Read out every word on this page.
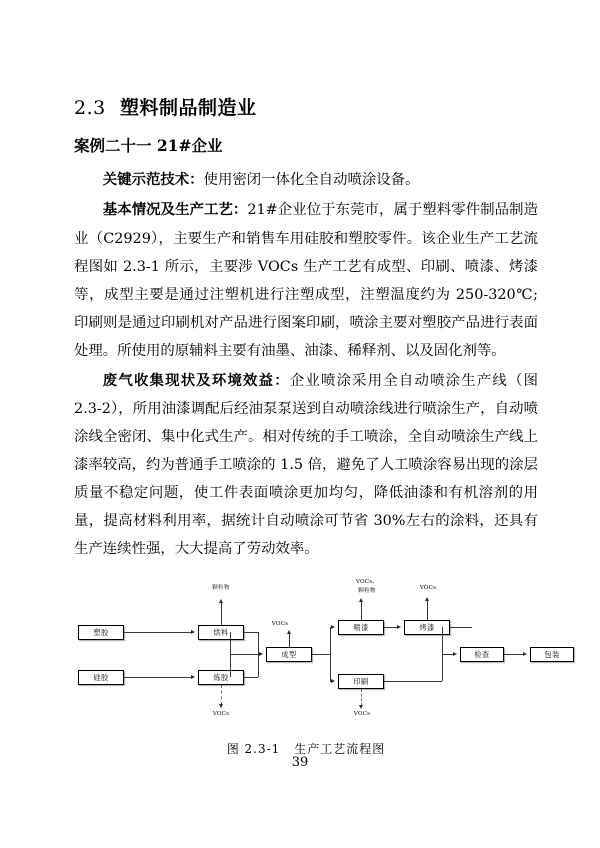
2.3 塑料制品制造业
案例二十一 21#企业

关键示范技术：使用密闭一体化全自动喷涂设备。

基本情况及生产工艺：21#企业位于东莞市，属于塑料零件制品制造业（C2929），主要生产和销售车用硅胶和塑胶零件。该企业生产工艺流程图如 2.3-1 所示，主要涉 VOCs 生产工艺有成型、印刷、喷漆、烤漆等，成型主要是通过注塑机进行注塑成型，注塑温度约为 250-320℃; 印刷则是通过印刷机对产品进行图案印刷，喷涂主要对塑胶产品进行表面处理。所使用的原辅料主要有油墨、油漆、稀释剂、以及固化剂等。

废气收集现状及环境效益：企业喷涂采用全自动喷涂生产线（图 2.3-2），所用油漆调配后经油泵泵送到自动喷涂线进行喷涂生产，自动喷涂线全密闭、集中化式生产。相对传统的手工喷涂，全自动喷涂生产线上漆率较高，约为普通手工喷涂的 1.5 倍，避免了人工喷涂容易出现的涂层质量不稳定问题，使工件表面喷涂更加均匀，降低油漆和有机溶剂的用量，提高材料利用率，据统计自动喷涂可节省 30%左右的涂料，还具有生产连续性强，大大提高了劳动效率。

颗粒物
VOCs
VOCs、
颗粒物	VOCs
VOCs	VOCs
塑胶	烘料
硅胶	炼胶
成型
喷漆	烤漆
印刷
检查	包装
图 2.3-1 生产工艺流程图
39
